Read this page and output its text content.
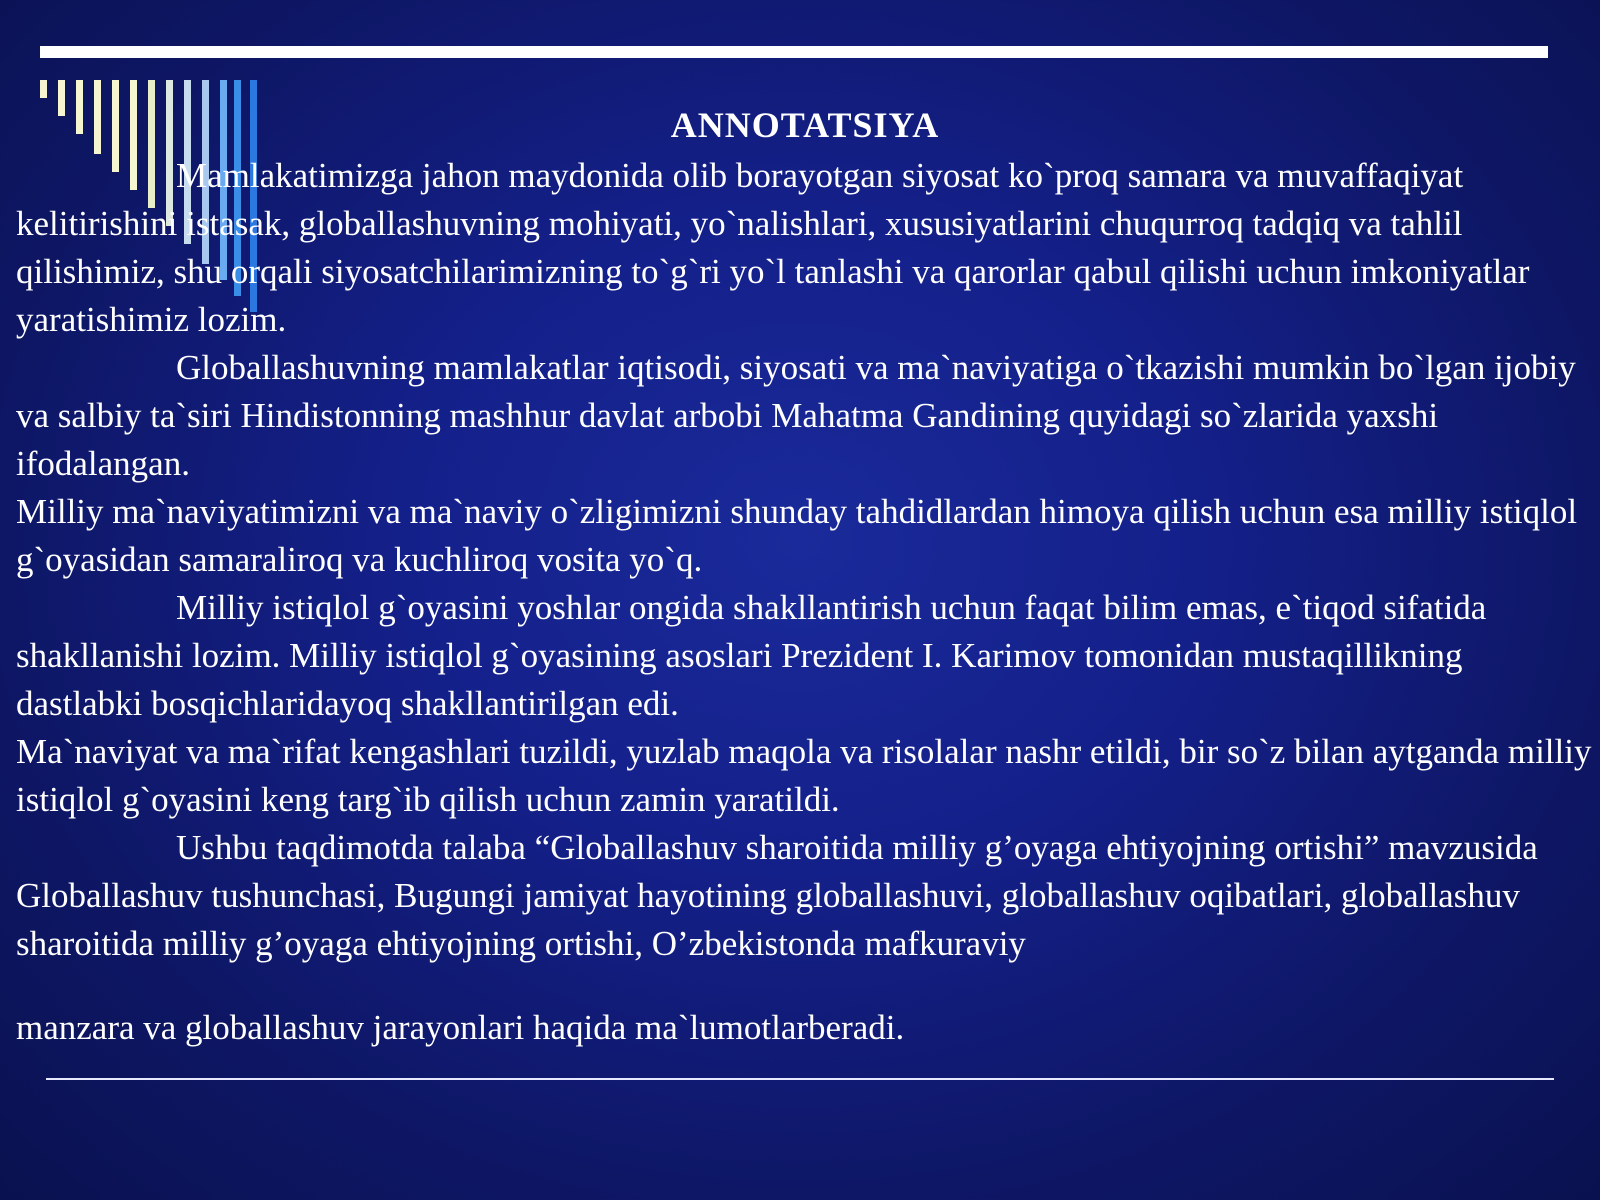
ANNOTATSIYA

Mamlakatimizga jahon maydonida olib borayotgan siyosat ko`proq samara va muvaffaqiyat kelitirishini istasak, globallashuvning mohiyati, yo`nalishlari, xususiyatlarini chuqurroq tadqiq va tahlil qilishimiz, shu orqali siyosatchilarimizning to`g`ri yo`l tanlashi va qarorlar qabul qilishi uchun imkoniyatlar yaratishimiz lozim.

Globallashuvning mamlakatlar iqtisodi, siyosati va ma`naviyatiga o`tkazishi mumkin bo`lgan ijobiy va salbiy ta`siri Hindistonning mashhur davlat arbobi Mahatma Gandining quyidagi so`zlarida yaxshi ifodalangan.

Milliy ma`naviyatimizni va ma`naviy o`zligimizni shunday tahdidlardan himoya qilish uchun esa milliy istiqlol g`oyasidan samaraliroq va kuchliroq vosita yo`q.

Milliy istiqlol g`oyasini yoshlar ongida shakllantirish uchun faqat bilim emas, e`tiqod sifatida shakllanishi lozim. Milliy istiqlol g`oyasining asoslari Prezident I. Karimov tomonidan mustaqillikning dastlabki bosqichlaridayoq shakllantirilgan edi.

Ma`naviyat va ma`rifat kengashlari tuzildi, yuzlab maqola va risolalar nashr etildi, bir so`z bilan aytganda milliy istiqlol g`oyasini keng targ`ib qilish uchun zamin yaratildi.

Ushbu taqdimotda talaba “Globallashuv sharoitida milliy g’oyaga ehtiyojning ortishi” mavzusida Globallashuv tushunchasi, Bugungi jamiyat hayotining globallashuvi, globallashuv oqibatlari, globallashuv sharoitida milliy g’oyaga ehtiyojning ortishi, O’zbekistonda mafkuraviy

manzara va globallashuv jarayonlari haqida ma`lumotlarberadi.
